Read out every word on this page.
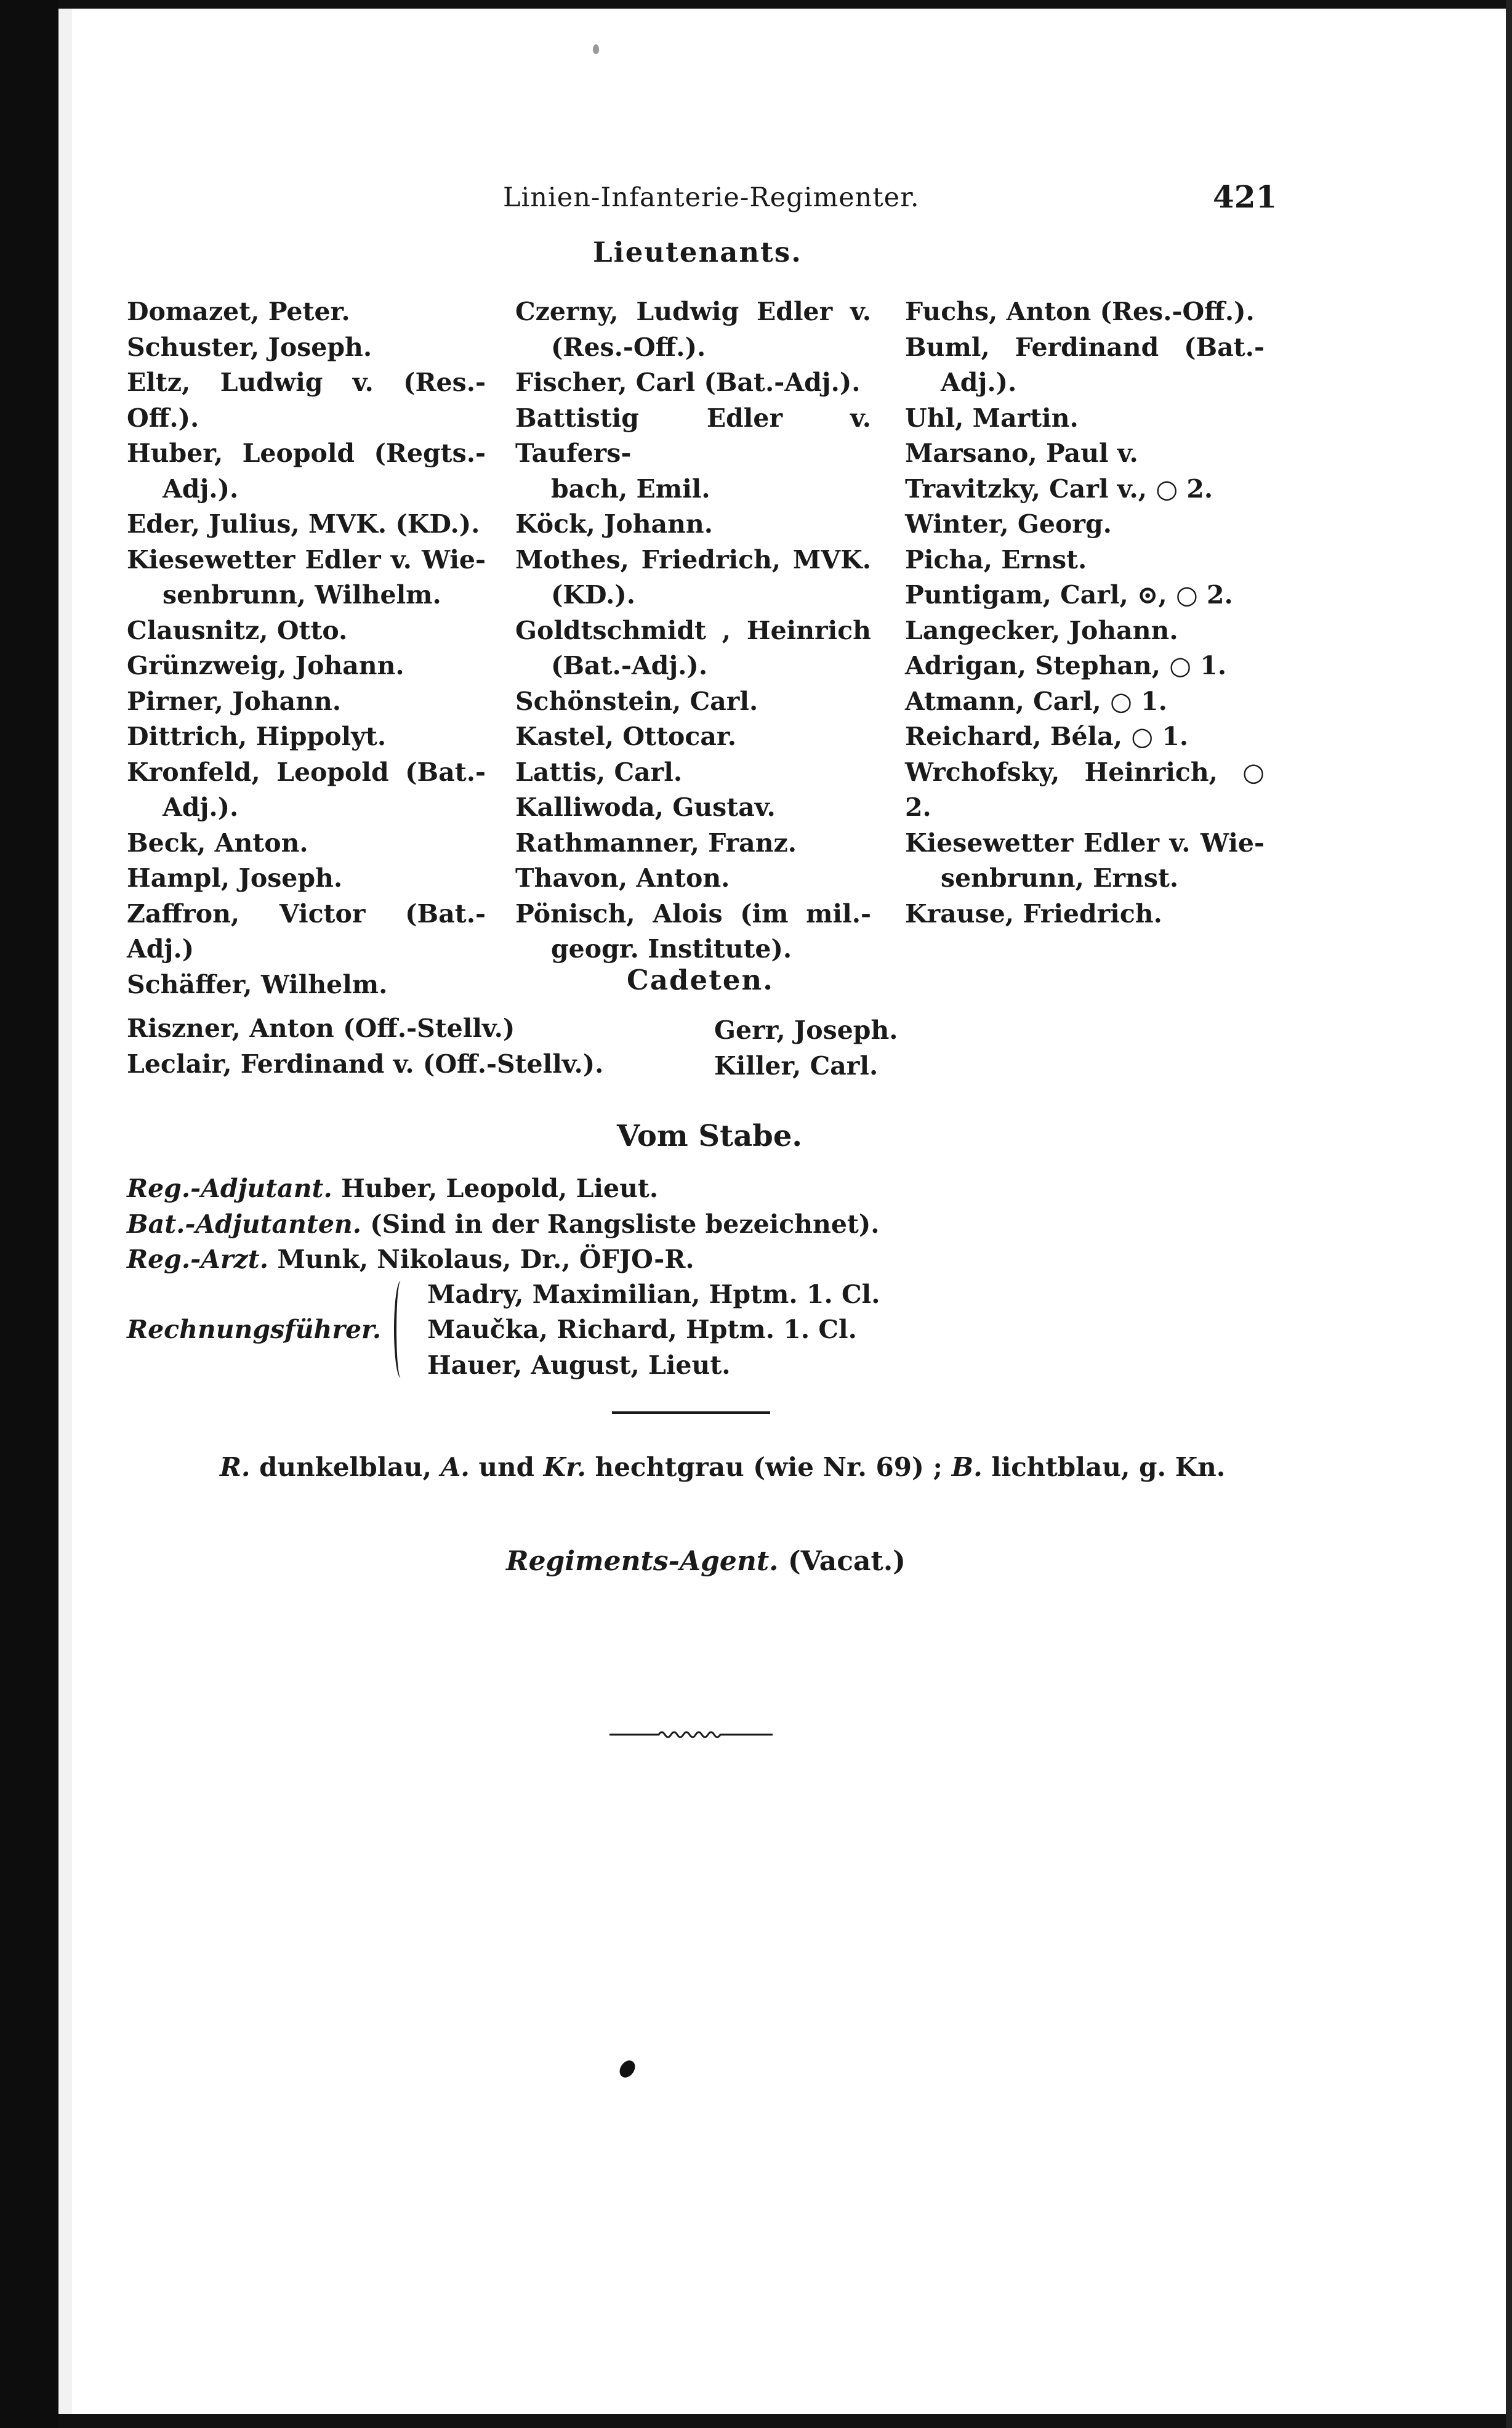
Linien-Infanterie-Regimenter.	421
Lieutenants.
Domazet, Peter.
Schuster, Joseph.
Eltz, Ludwig v. (Res.-Off.).
Huber, Leopold (Regts.-
Adj.).
Eder, Julius, MVK. (KD.).
Kiesewetter Edler v. Wie-
senbrunn, Wilhelm.
Clausnitz, Otto.
Grünzweig, Johann.
Pirner, Johann.
Dittrich, Hippolyt.
Kronfeld, Leopold (Bat.-
Adj.).
Beck, Anton.
Hampl, Joseph.
Zaffron, Victor (Bat.-Adj.)
Schäffer, Wilhelm.
Czerny, Ludwig Edler v.
(Res.-Off.).
Fischer, Carl (Bat.-Adj.).
Battistig Edler v. Taufers-
bach, Emil.
Köck, Johann.
Mothes, Friedrich, MVK.
(KD.).
Goldtschmidt , Heinrich
(Bat.-Adj.).
Schönstein, Carl.
Kastel, Ottocar.
Lattis, Carl.
Kalliwoda, Gustav.
Rathmanner, Franz.
Thavon, Anton.
Pönisch, Alois (im mil.-
geogr. Institute).
Fuchs, Anton (Res.-Off.).
Buml, Ferdinand (Bat.-
Adj.).
Uhl, Martin.
Marsano, Paul v.
Travitzky, Carl v., ○ 2.
Winter, Georg.
Picha, Ernst.
Puntigam, Carl, ⊙, ○ 2.
Langecker, Johann.
Adrigan, Stephan, ○ 1.
Atmann, Carl, ○ 1.
Reichard, Béla, ○ 1.
Wrchofsky, Heinrich, ○ 2.
Kiesewetter Edler v. Wie-
senbrunn, Ernst.
Krause, Friedrich.
Cadeten.
Riszner, Anton (Off.-Stellv.)
Leclair, Ferdinand v. (Off.-Stellv.).
Gerr, Joseph.
Killer, Carl.
Vom Stabe.
Reg.-Adjutant. Huber, Leopold, Lieut.
Bat.-Adjutanten. (Sind in der Rangsliste bezeichnet).
Reg.-Arzt. Munk, Nikolaus, Dr., ÖFJO-R.
Rechnungsführer.
Madry, Maximilian, Hptm. 1. Cl.
Maučka, Richard, Hptm. 1. Cl.
Hauer, August, Lieut.
R. dunkelblau, A. und Kr. hechtgrau (wie Nr. 69) ; B. lichtblau, g. Kn.
Regiments-Agent. (Vacat.)
